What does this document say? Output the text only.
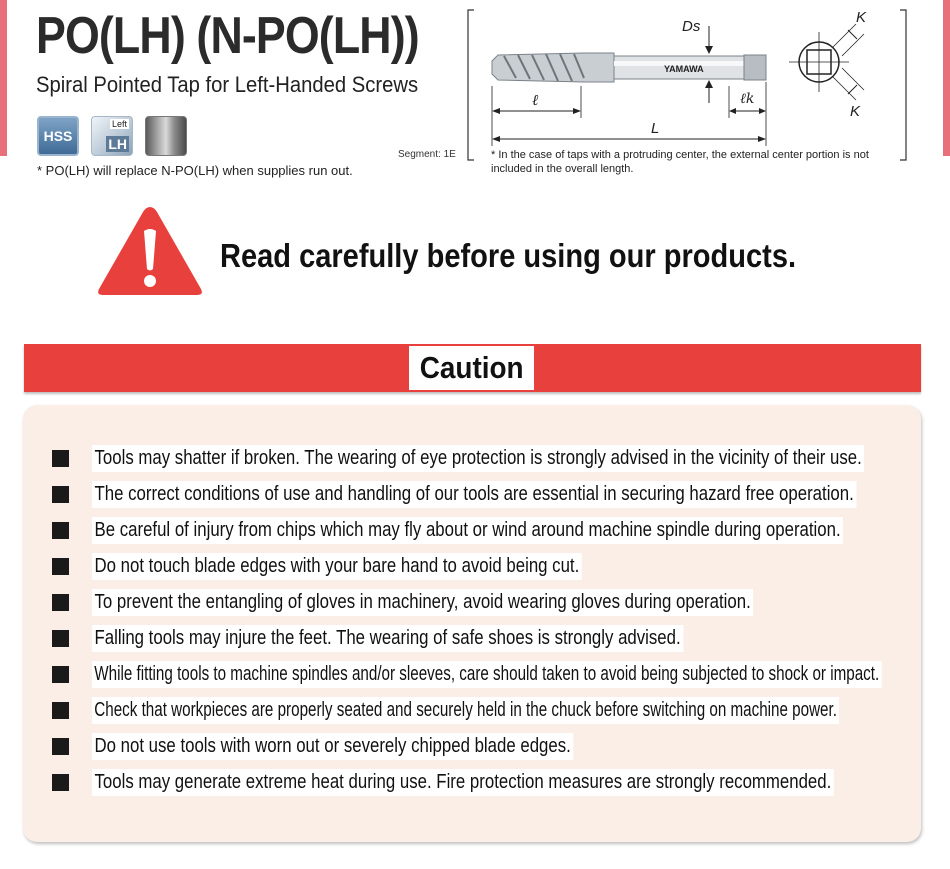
PO(LH) (N-PO(LH))
Spiral Pointed Tap for Left-Handed Screws
HSS
Left
LH
* PO(LH) will replace N-PO(LH) when supplies run out.
Segment: 1E
YAMAWA
Ds
ℓ	ℓk
L
K
K
* In the case of taps with a protruding center, the external center portion is not included in the overall length.
Read carefully before using our products.
Caution
Tools may shatter if broken. The wearing of eye protection is strongly advised in the vicinity of their use.
The correct conditions of use and handling of our tools are essential in securing hazard free operation.
Be careful of injury from chips which may fly about or wind around machine spindle during operation.
Do not touch blade edges with your bare hand to avoid being cut.
To prevent the entangling of gloves in machinery, avoid wearing gloves during operation.
Falling tools may injure the feet. The wearing of safe shoes is strongly advised.
While fitting tools to machine spindles and/or sleeves, care should taken to avoid being subjected to shock or impact.
Check that workpieces are properly seated and securely held in the chuck before switching on machine power.
Do not use tools with worn out or severely chipped blade edges.
Tools may generate extreme heat during use. Fire protection measures are strongly recommended.
